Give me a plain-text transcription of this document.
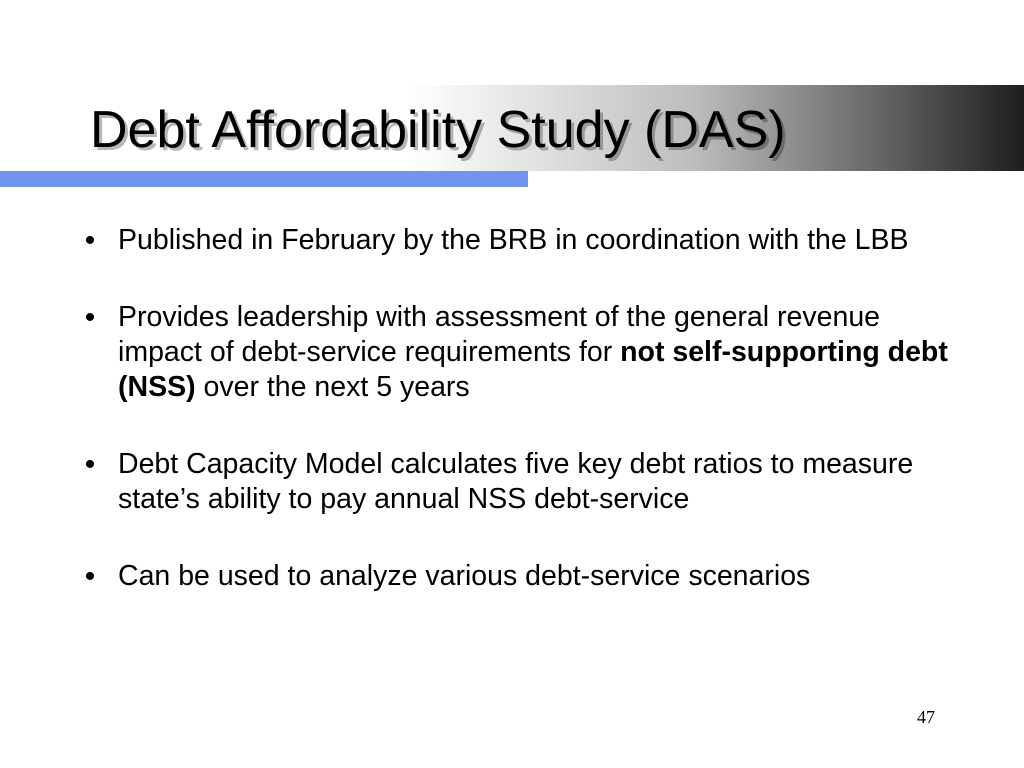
Debt Affordability Study (DAS)
• Published in February by the BRB in coordination with the LBB
• Provides leadership with assessment of the general revenue impact of debt-service requirements for not self-supporting debt (NSS) over the next 5 years
• Debt Capacity Model calculates five key debt ratios to measure state’s ability to pay annual NSS debt-service
• Can be used to analyze various debt-service scenarios
47
